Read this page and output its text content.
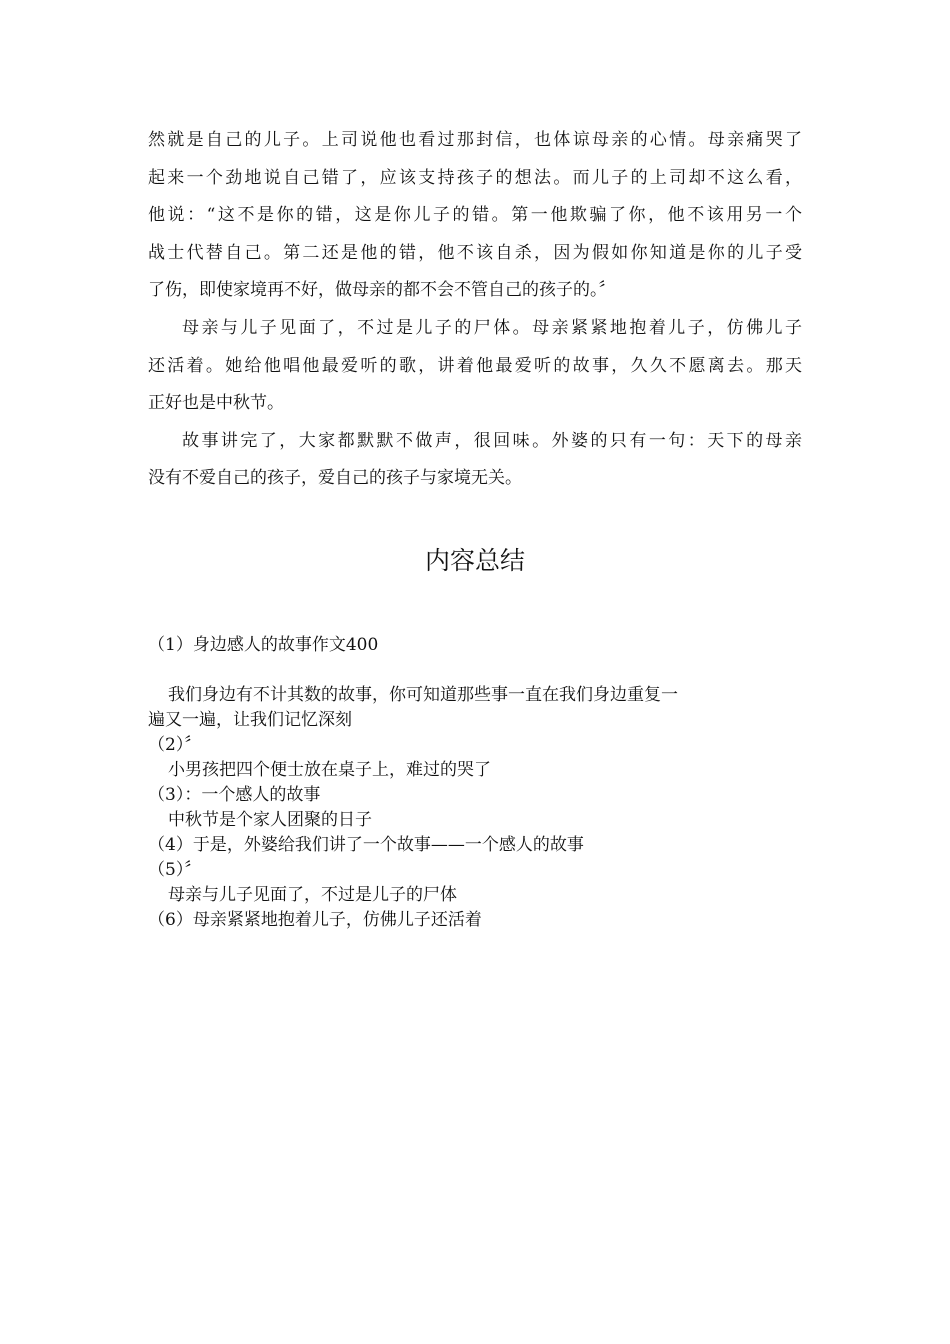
然就是自己的儿子。上司说他也看过那封信，也体谅母亲的心情。母亲痛哭了
起来一个劲地说自己错了，应该支持孩子的想法。而儿子的上司却不这么看，
他说：“这不是你的错，这是你儿子的错。第一他欺骗了你，他不该用另一个
战士代替自己。第二还是他的错，他不该自杀，因为假如你知道是你的儿子受
了伤，即使家境再不好，做母亲的都不会不管自己的孩子的。〞

母亲与儿子见面了，不过是儿子的尸体。母亲紧紧地抱着儿子，仿佛儿子
还活着。她给他唱他最爱听的歌，讲着他最爱听的故事，久久不愿离去。那天
正好也是中秋节。

故事讲完了，大家都默默不做声，很回味。外婆的只有一句：天下的母亲
没有不爱自己的孩子，爱自己的孩子与家境无关。

内容总结
（1）身边感人的故事作文400
我们身边有不计其数的故事，你可知道那些事一直在我们身边重复一
遍又一遍，让我们记忆深刻
（2）〞
小男孩把四个便士放在桌子上，难过的哭了
（3）：一个感人的故事
中秋节是个家人团聚的日子
（4）于是，外婆给我们讲了一个故事——一个感人的故事
（5）〞
母亲与儿子见面了，不过是儿子的尸体
（6）母亲紧紧地抱着儿子，仿佛儿子还活着
